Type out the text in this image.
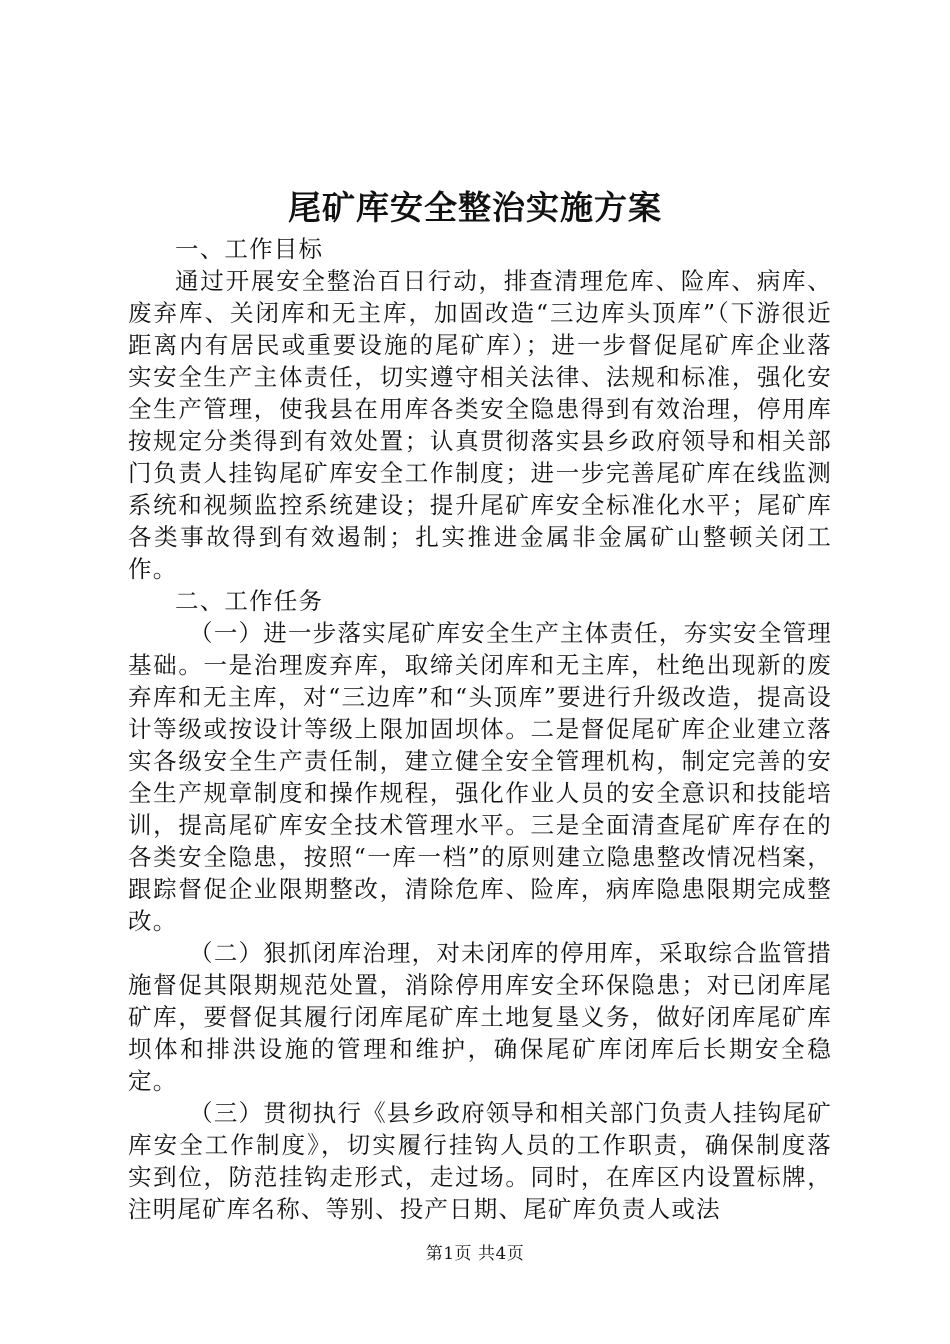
尾矿库安全整治实施方案

一、工作目标

通过开展安全整治百日行动，排查清理危库、险库、病库、废弃库、关闭库和无主库，加固改造“三边库头顶库”（下游很近距离内有居民或重要设施的尾矿库）；进一步督促尾矿库企业落实安全生产主体责任，切实遵守相关法律、法规和标准，强化安全生产管理，使我县在用库各类安全隐患得到有效治理，停用库按规定分类得到有效处置；认真贯彻落实县乡政府领导和相关部门负责人挂钩尾矿库安全工作制度；进一步完善尾矿库在线监测系统和视频监控系统建设；提升尾矿库安全标准化水平；尾矿库各类事故得到有效遏制；扎实推进金属非金属矿山整顿关闭工作。

二、工作任务

（一）进一步落实尾矿库安全生产主体责任，夯实安全管理基础。一是治理废弃库，取缔关闭库和无主库，杜绝出现新的废弃库和无主库，对“三边库”和“头顶库”要进行升级改造，提高设计等级或按设计等级上限加固坝体。二是督促尾矿库企业建立落实各级安全生产责任制，建立健全安全管理机构，制定完善的安全生产规章制度和操作规程，强化作业人员的安全意识和技能培训，提高尾矿库安全技术管理水平。三是全面清查尾矿库存在的各类安全隐患，按照“一库一档”的原则建立隐患整改情况档案，跟踪督促企业限期整改，清除危库、险库，病库隐患限期完成整改。

（二）狠抓闭库治理，对未闭库的停用库，采取综合监管措施督促其限期规范处置，消除停用库安全环保隐患；对已闭库尾矿库，要督促其履行闭库尾矿库土地复垦义务，做好闭库尾矿库坝体和排洪设施的管理和维护，确保尾矿库闭库后长期安全稳定。

（三）贯彻执行《县乡政府领导和相关部门负责人挂钩尾矿库安全工作制度》，切实履行挂钩人员的工作职责，确保制度落实到位，防范挂钩走形式，走过场。同时，在库区内设置标牌，注明尾矿库名称、等别、投产日期、尾矿库负责人或法

第1页 共4页
